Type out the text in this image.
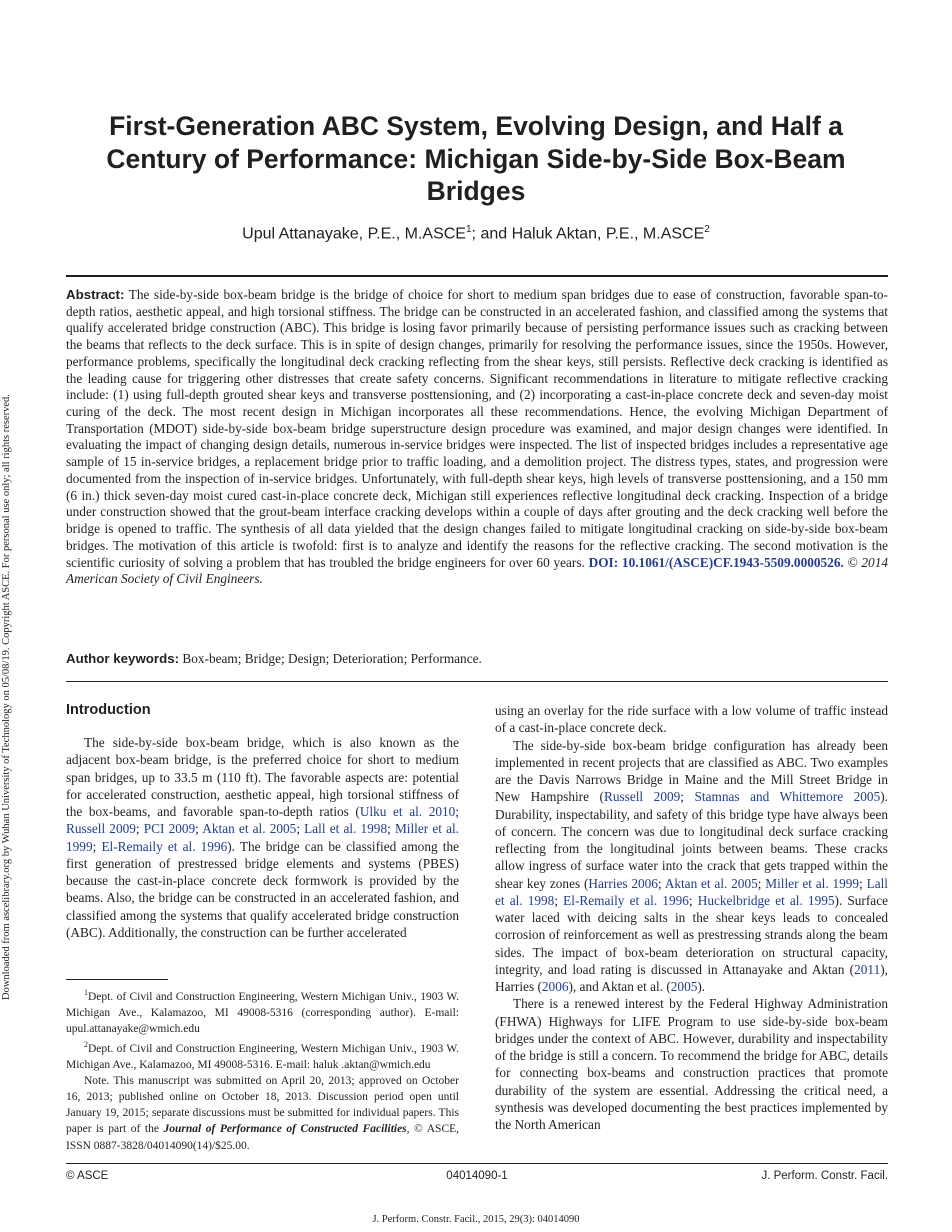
First-Generation ABC System, Evolving Design, and Half a Century of Performance: Michigan Side-by-Side Box-Beam Bridges
Upul Attanayake, P.E., M.ASCE$^1$; and Haluk Aktan, P.E., M.ASCE$^2$
Abstract: The side-by-side box-beam bridge is the bridge of choice for short to medium span bridges due to ease of construction, favorable span-to-depth ratios, aesthetic appeal, and high torsional stiffness. The bridge can be constructed in an accelerated fashion, and classified among the systems that qualify accelerated bridge construction (ABC). This bridge is losing favor primarily because of persisting performance issues such as cracking between the beams that reflects to the deck surface. This is in spite of design changes, primarily for resolving the performance issues, since the 1950s. However, performance problems, specifically the longitudinal deck cracking reflecting from the shear keys, still persists. Reflective deck cracking is identified as the leading cause for triggering other distresses that create safety concerns. Significant recommendations in literature to mitigate reflective cracking include: (1) using full-depth grouted shear keys and transverse posttensioning, and (2) incorporating a cast-in-place concrete deck and seven-day moist curing of the deck. The most recent design in Michigan incorporates all these recommendations. Hence, the evolving Michigan Department of Transportation (MDOT) side-by-side box-beam bridge superstructure design procedure was examined, and major design changes were identified. In evaluating the impact of changing design details, numerous in-service bridges were inspected. The list of inspected bridges includes a representative age sample of 15 in-service bridges, a replacement bridge prior to traffic loading, and a demolition project. The distress types, states, and progression were documented from the inspection of in-service bridges. Unfortunately, with full-depth shear keys, high levels of transverse posttensioning, and a 150 mm (6 in.) thick seven-day moist cured cast-in-place concrete deck, Michigan still experiences reflective longitudinal deck cracking. Inspection of a bridge under construction showed that the grout-beam interface cracking develops within a couple of days after grouting and the deck cracking well before the bridge is opened to traffic. The synthesis of all data yielded that the design changes failed to mitigate longitudinal cracking on side-by-side box-beam bridges. The motivation of this article is twofold: first is to analyze and identify the reasons for the reflective cracking. The second motivation is the scientific curiosity of solving a problem that has troubled the bridge engineers for over 60 years. DOI: 10.1061/(ASCE)CF.1943-5509.0000526. © 2014 American Society of Civil Engineers.
Author keywords: Box-beam; Bridge; Design; Deterioration; Performance.
Introduction

The side-by-side box-beam bridge, which is also known as the adjacent box-beam bridge, is the preferred choice for short to medium span bridges, up to 33.5 m (110 ft). The favorable aspects are: potential for accelerated construction, aesthetic appeal, high torsional stiffness of the box-beams, and favorable span-to-depth ratios (Ulku et al. 2010; Russell 2009; PCI 2009; Aktan et al. 2005; Lall et al. 1998; Miller et al. 1999; El-Remaily et al. 1996). The bridge can be classified among the first generation of prestressed bridge elements and systems (PBES) because the cast-in-place concrete deck formwork is provided by the beams. Also, the bridge can be constructed in an accelerated fashion, and classified among the systems that qualify accelerated bridge construction (ABC). Additionally, the construction can be further accelerated

$^1$Dept. of Civil and Construction Engineering, Western Michigan Univ., 1903 W. Michigan Ave., Kalamazoo, MI 49008-5316 (corresponding author). E-mail: upul.attanayake@wmich.edu

$^2$Dept. of Civil and Construction Engineering, Western Michigan Univ., 1903 W. Michigan Ave., Kalamazoo, MI 49008-5316. E-mail: haluk .aktan@wmich.edu

Note. This manuscript was submitted on April 20, 2013; approved on October 16, 2013; published online on October 18, 2013. Discussion period open until January 19, 2015; separate discussions must be submitted for individual papers. This paper is part of the Journal of Performance of Constructed Facilities, © ASCE, ISSN 0887-3828/04014090(14)/$25.00.

using an overlay for the ride surface with a low volume of traffic instead of a cast-in-place concrete deck.

The side-by-side box-beam bridge configuration has already been implemented in recent projects that are classified as ABC. Two examples are the Davis Narrows Bridge in Maine and the Mill Street Bridge in New Hampshire (Russell 2009; Stamnas and Whittemore 2005). Durability, inspectability, and safety of this bridge type have always been of concern. The concern was due to longitudinal deck surface cracking reflecting from the longitudinal joints between beams. These cracks allow ingress of surface water into the crack that gets trapped within the shear key zones (Harries 2006; Aktan et al. 2005; Miller et al. 1999; Lall et al. 1998; El-Remaily et al. 1996; Huckelbridge et al. 1995). Surface water laced with deicing salts in the shear keys leads to concealed corrosion of reinforcement as well as prestressing strands along the beam sides. The impact of box-beam deterioration on structural capacity, integrity, and load rating is discussed in Attanayake and Aktan (2011), Harries (2006), and Aktan et al. (2005).

There is a renewed interest by the Federal Highway Administration (FHWA) Highways for LIFE Program to use side-by-side box-beam bridges under the context of ABC. However, durability and inspectability of the bridge is still a concern. To recommend the bridge for ABC, details for connecting box-beams and construction practices that promote durability of the system are essential. Addressing the critical need, a synthesis was developed documenting the best practices implemented by the North American

© ASCE	04014090-1	J. Perform. Constr. Facil.
J. Perform. Constr. Facil., 2015, 29(3): 04014090
Downloaded from ascelibrary.org by Wuhan University of Technology on 05/08/19. Copyright ASCE. For personal use only; all rights reserved.
